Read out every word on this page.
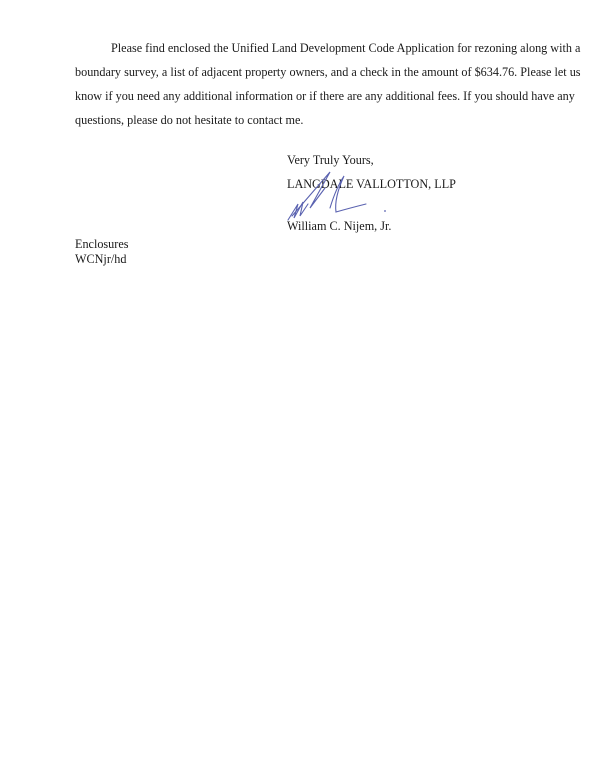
Please find enclosed the Unified Land Development Code Application for rezoning along with a
boundary survey, a list of adjacent property owners, and a check in the amount of $634.76. Please let us
know if you need any additional information or if there are any additional fees. If you should have any
questions, please do not hesitate to contact me.
Very Truly Yours,
LANGDALE VALLOTTON, LLP
William C. Nijem, Jr.
Enclosures
WCNjr/hd
